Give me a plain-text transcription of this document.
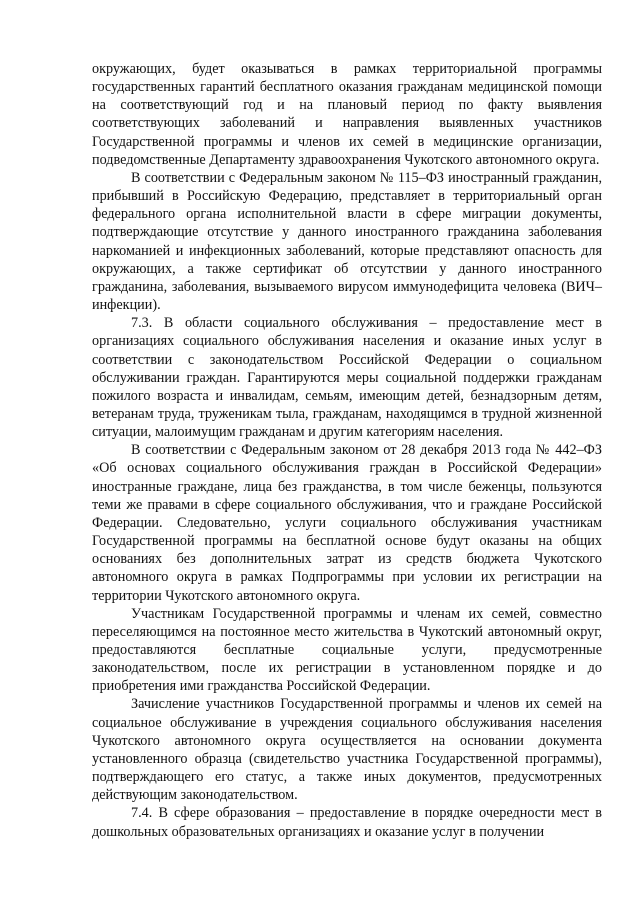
окружающих, будет оказываться в рамках территориальной программы государственных гарантий бесплатного оказания гражданам медицинской помощи на соответствующий год и на плановый период по факту выявления соответствующих заболеваний и направления выявленных участников Государственной программы и членов их семей в медицинские организации, подведомственные Департаменту здравоохранения Чукотского автономного округа.

В соответствии с Федеральным законом № 115–ФЗ иностранный гражданин, прибывший в Российскую Федерацию, представляет в территориальный орган федерального органа исполнительной власти в сфере миграции документы, подтверждающие отсутствие у данного иностранного гражданина заболевания наркоманией и инфекционных заболеваний, которые представляют опасность для окружающих, а также сертификат об отсутствии у данного иностранного гражданина, заболевания, вызываемого вирусом иммунодефицита человека (ВИЧ–инфекции).

7.3. В области социального обслуживания – предоставление мест в организациях социального обслуживания населения и оказание иных услуг в соответствии с законодательством Российской Федерации о социальном обслуживании граждан. Гарантируются меры социальной поддержки гражданам пожилого возраста и инвалидам, семьям, имеющим детей, безнадзорным детям, ветеранам труда, труженикам тыла, гражданам, находящимся в трудной жизненной ситуации, малоимущим гражданам и другим категориям населения.

В соответствии с Федеральным законом от 28 декабря 2013 года № 442–ФЗ «Об основах социального обслуживания граждан в Российской Федерации» иностранные граждане, лица без гражданства, в том числе беженцы, пользуются теми же правами в сфере социального обслуживания, что и граждане Российской Федерации. Следовательно, услуги социального обслуживания участникам Государственной программы на бесплатной основе будут оказаны на общих основаниях без дополнительных затрат из средств бюджета Чукотского автономного округа в рамках Подпрограммы при условии их регистрации на территории Чукотского автономного округа.

Участникам Государственной программы и членам их семей, совместно переселяющимся на постоянное место жительства в Чукотский автономный округ, предоставляются бесплатные социальные услуги, предусмотренные законодательством, после их регистрации в установленном порядке и до приобретения ими гражданства Российской Федерации.

Зачисление участников Государственной программы и членов их семей на социальное обслуживание в учреждения социального обслуживания населения Чукотского автономного округа осуществляется на основании документа установленного образца (свидетельство участника Государственной программы), подтверждающего его статус, а также иных документов, предусмотренных действующим законодательством.

7.4. В сфере образования – предоставление в порядке очередности мест в дошкольных образовательных организациях и оказание услуг в получении
